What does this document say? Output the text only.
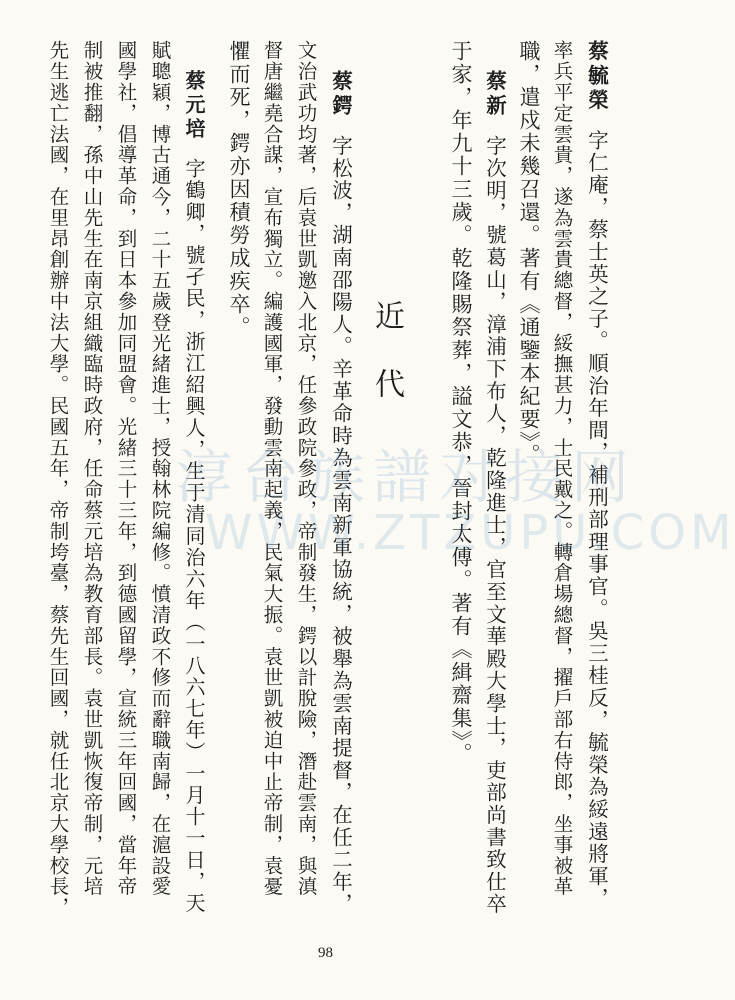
蔡毓榮字仁庵，蔡士英之子。順治年間，補刑部理事官。吳三桂反，毓榮為綏遠將軍，
率兵平定雲貴，遂為雲貴總督，綏撫甚力，士民戴之。轉倉場總督，擢戶部右侍郎，坐事被革
職，遣戍未幾召還。著有《通鑒本紀要》。
蔡新字次明，號葛山，漳浦下布人，乾隆進士，官至文華殿大學士，吏部尚書致仕卒
于家，年九十三歲。乾隆賜祭葬，謚文恭，晉封太傅。著有《緝齋集》。
近代
蔡鍔字松波，湖南邵陽人。辛革命時為雲南新軍協統，被舉為雲南提督，在任二年，
文治武功均著，后袁世凱邀入北京，任參政院參政，帝制發生，鍔以計脫險，潛赴雲南，與滇
督唐繼堯合謀，宣布獨立。編護國軍，發動雲南起義，民氣大振。袁世凱被迫中止帝制，袁憂
懼而死，鍔亦因積勞成疾卒。
蔡元培字鶴卿，號孑民，浙江紹興人，生于清同治六年（一八六七年）一月十一日，天
賦聰穎，博古通今，二十五歲登光緒進士，授翰林院編修。憤清政不修而辭職南歸，在滬設愛
國學社，倡導革命，到日本參加同盟會。光緒三十三年，到德國留學，宣統三年回國，當年帝
制被推翻，孫中山先生在南京組織臨時政府，任命蔡元培為教育部長。袁世凱恢復帝制，元培
先生逃亡法國，在里昂創辦中法大學。民國五年，帝制垮臺，蔡先生回國，就任北京大學校長， 淳台族譜对接网
WWW.ZTZUPU.COM
98
